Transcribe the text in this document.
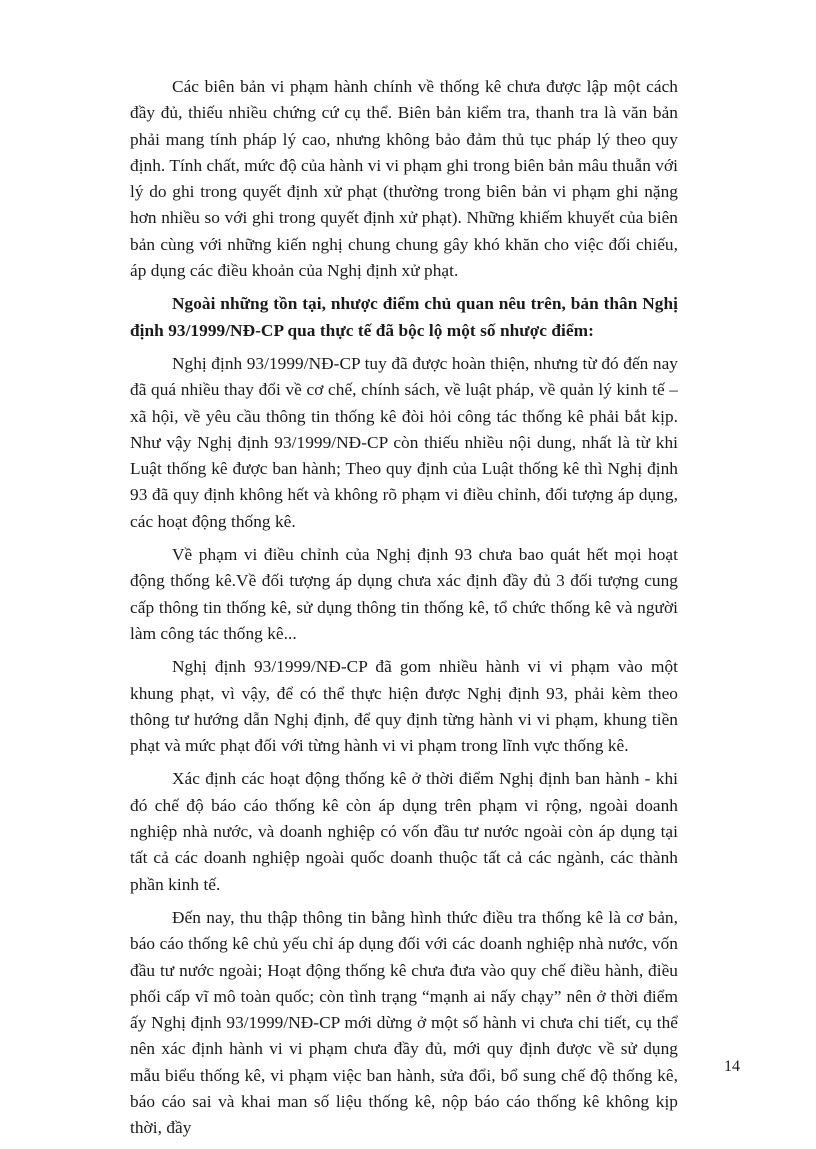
Các biên bản vi phạm hành chính về thống kê chưa được lập một cách đầy đủ, thiếu nhiều chứng cứ cụ thể. Biên bản kiểm tra, thanh tra là văn bản phải mang tính pháp lý cao, nhưng không bảo đảm thủ tục pháp lý theo quy định. Tính chất, mức độ của hành vi vi phạm ghi trong biên bản mâu thuẫn với lý do ghi trong quyết định xử phạt (thường trong biên bản vi phạm ghi nặng hơn nhiều so với ghi trong quyết định xử phạt). Những khiếm khuyết của biên bản cùng với những kiến nghị chung chung gây khó khăn cho việc đối chiếu, áp dụng các điều khoản của Nghị định xử phạt.

Ngoài những tồn tại, nhược điểm chủ quan nêu trên, bản thân Nghị định 93/1999/NĐ-CP qua thực tế đã bộc lộ một số nhược điểm:

Nghị định 93/1999/NĐ-CP tuy đã được hoàn thiện, nhưng từ đó đến nay đã quá nhiều thay đổi về cơ chế, chính sách, về luật pháp, về quản lý kinh tế – xã hội, về yêu cầu thông tin thống kê đòi hỏi công tác thống kê phải bắt kịp. Như vậy Nghị định 93/1999/NĐ-CP còn thiếu nhiều nội dung, nhất là từ khi Luật thống kê được ban hành; Theo quy định của Luật thống kê thì Nghị định 93 đã quy định không hết và không rõ phạm vi điều chỉnh, đối tượng áp dụng, các hoạt động thống kê.

Về phạm vi điều chỉnh của Nghị định 93 chưa bao quát hết mọi hoạt động thống kê.Về đối tượng áp dụng chưa xác định đầy đủ 3 đối tượng cung cấp thông tin thống kê, sử dụng thông tin thống kê, tổ chức thống kê và người làm công tác thống kê...

Nghị định 93/1999/NĐ-CP đã gom nhiều hành vi vi phạm vào một khung phạt, vì vậy, để có thể thực hiện được Nghị định 93, phải kèm theo thông tư hướng dẫn Nghị định, để quy định từng hành vi vi phạm, khung tiền phạt và mức phạt đối với từng hành vi vi phạm trong lĩnh vực thống kê.

Xác định các hoạt động thống kê ở thời điểm Nghị định ban hành - khi đó chế độ báo cáo thống kê còn áp dụng trên phạm vi rộng, ngoài doanh nghiệp nhà nước, và doanh nghiệp có vốn đầu tư nước ngoài còn áp dụng tại tất cả các doanh nghiệp ngoài quốc doanh thuộc tất cả các ngành, các thành phần kinh tế.

Đến nay, thu thập thông tin bằng hình thức điều tra thống kê là cơ bản, báo cáo thống kê chủ yếu chỉ áp dụng đối với các doanh nghiệp nhà nước, vốn đầu tư nước ngoài; Hoạt động thống kê chưa đưa vào quy chế điều hành, điều phối cấp vĩ mô toàn quốc; còn tình trạng “mạnh ai nấy chạy” nên ở thời điểm ấy Nghị định 93/1999/NĐ-CP mới dừng ở một số hành vi chưa chi tiết, cụ thể nên xác định hành vi vi phạm chưa đầy đủ, mới quy định được về sử dụng mẫu biểu thống kê, vi phạm việc ban hành, sửa đổi, bổ sung chế độ thống kê, báo cáo sai và khai man số liệu thống kê, nộp báo cáo thống kê không kịp thời, đầy

14
